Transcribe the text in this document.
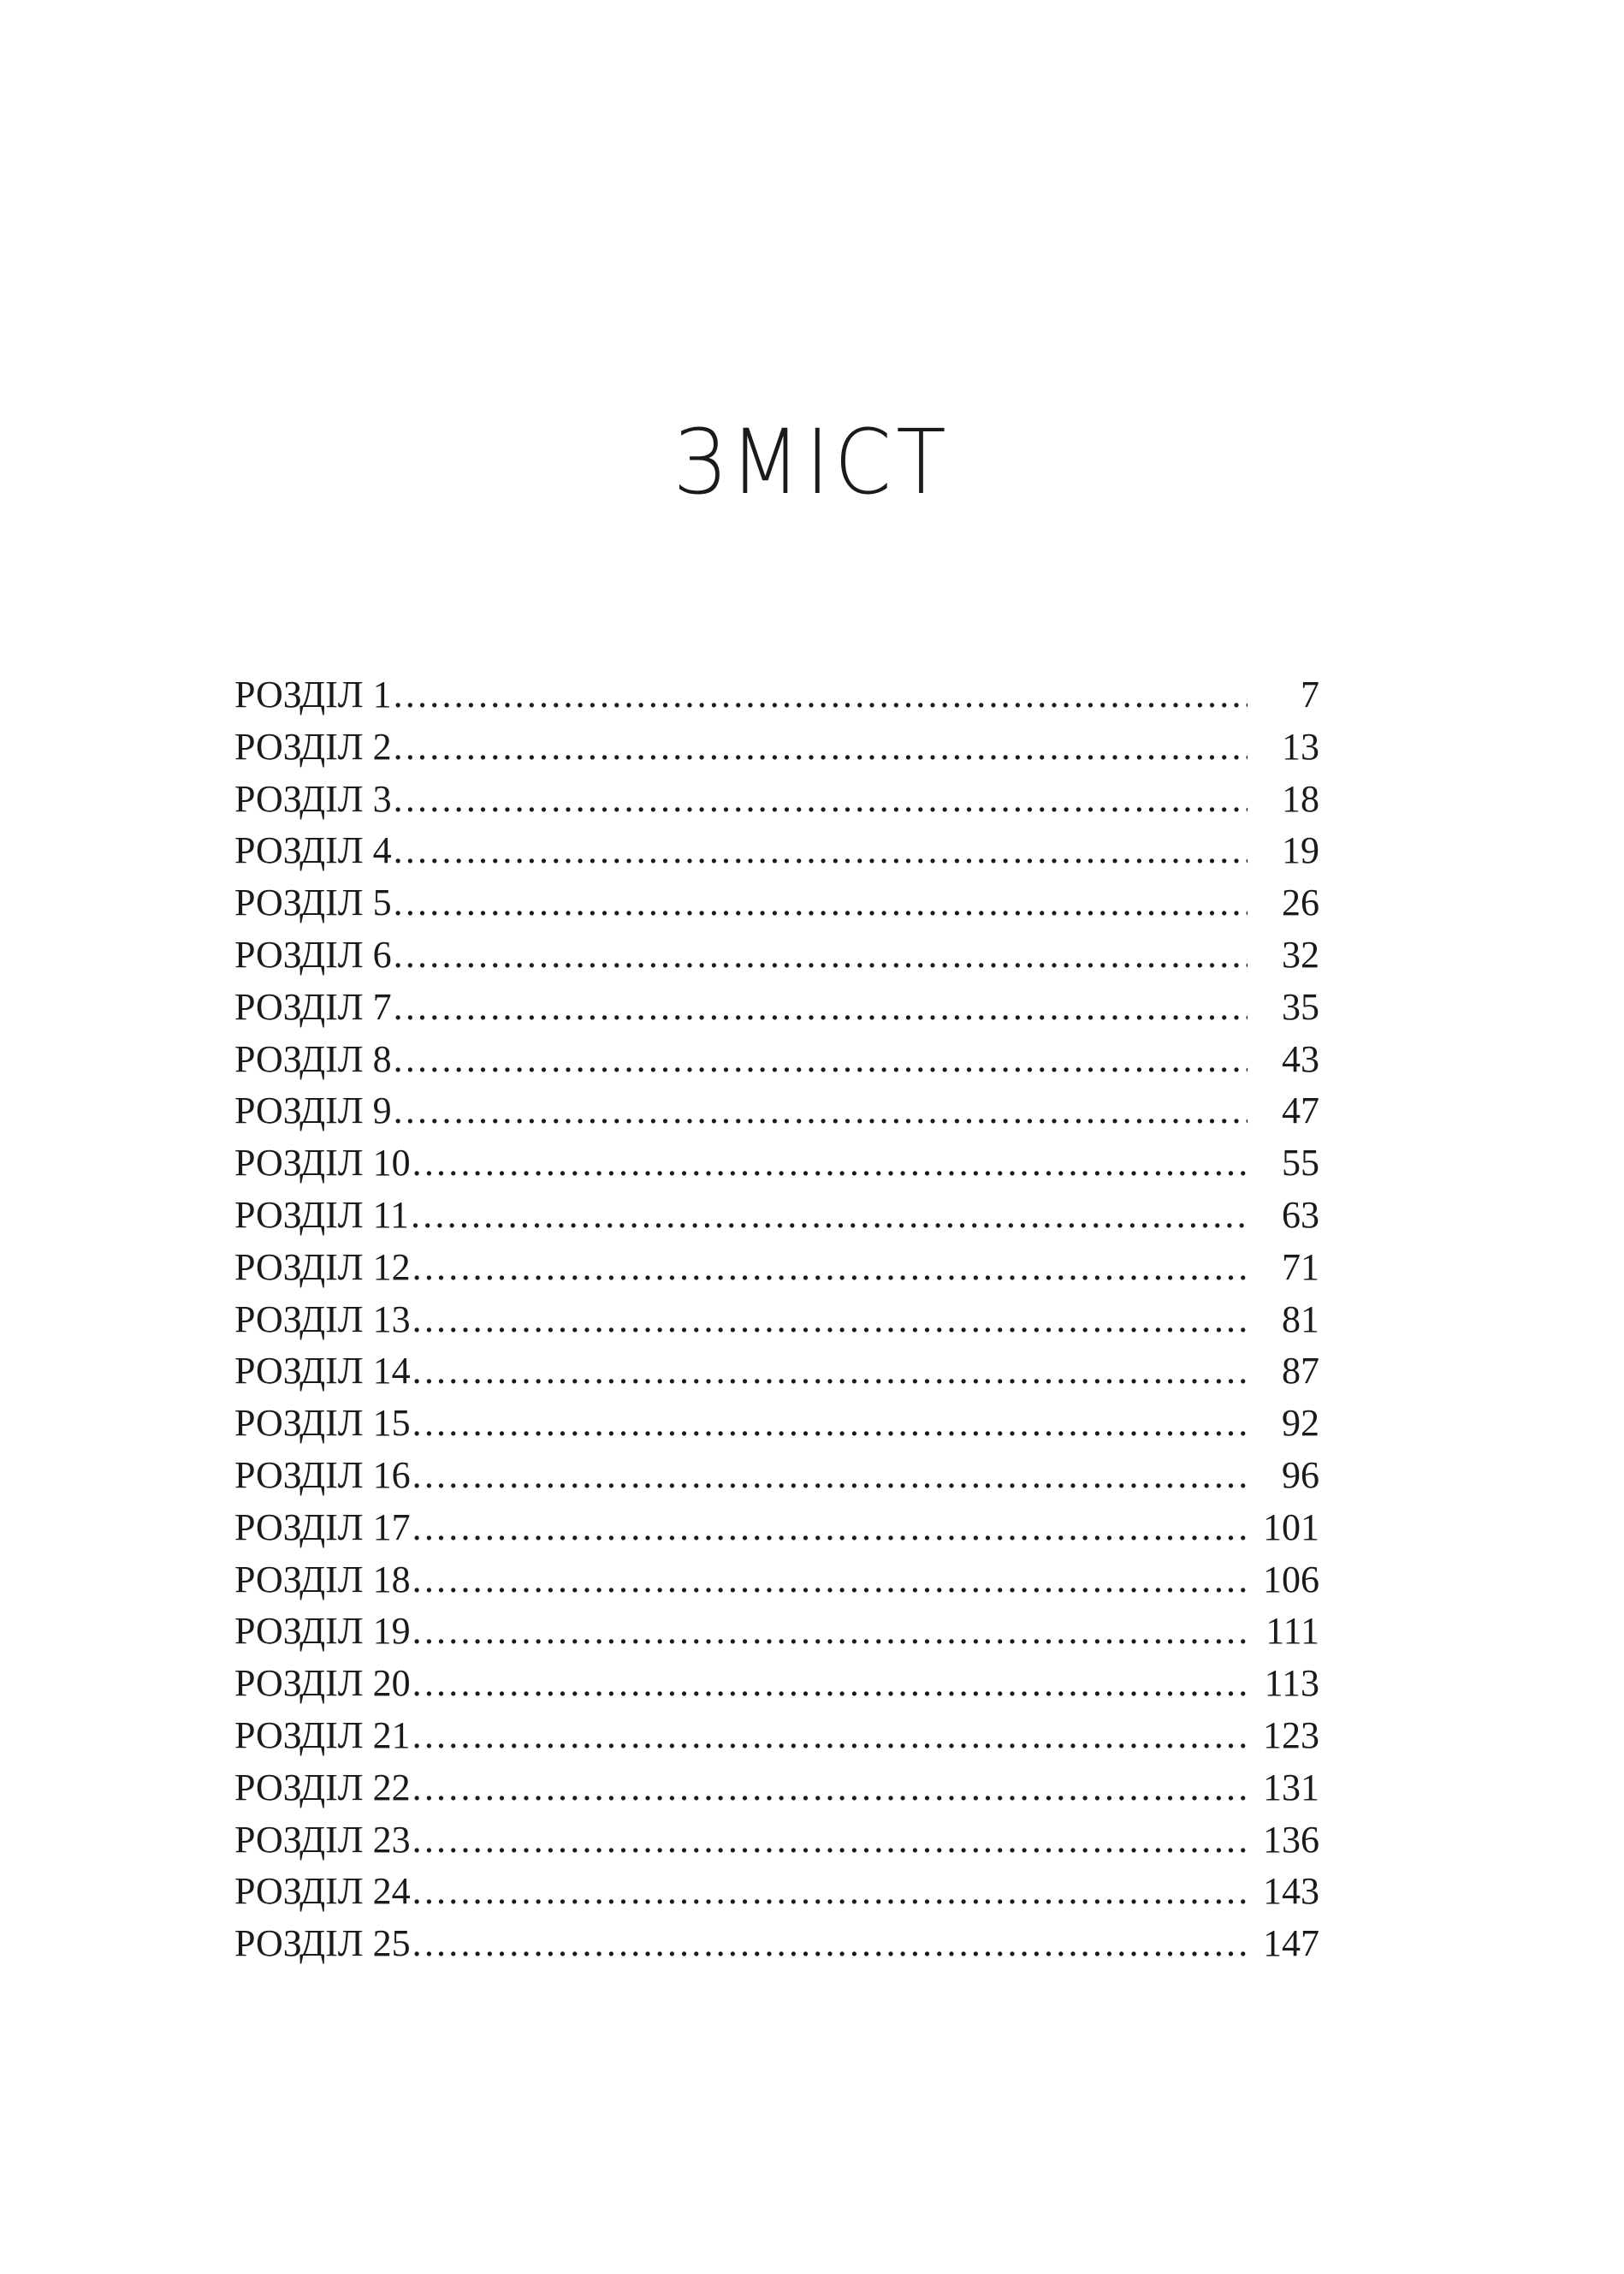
ЗМІСТ
РОЗДІЛ 1 .....	7
РОЗДІЛ 2 .....	13
РОЗДІЛ 3 .....	18
РОЗДІЛ 4 .....	19
РОЗДІЛ 5 .....	26
РОЗДІЛ 6 .....	32
РОЗДІЛ 7 .....	35
РОЗДІЛ 8 .....	43
РОЗДІЛ 9 .....	47
РОЗДІЛ 10 .....	55
РОЗДІЛ 11 .....	63
РОЗДІЛ 12 .....	71
РОЗДІЛ 13 .....	81
РОЗДІЛ 14 .....	87
РОЗДІЛ 15 .....	92
РОЗДІЛ 16 .....	96
РОЗДІЛ 17 .....	101
РОЗДІЛ 18 .....	106
РОЗДІЛ 19 .....	111
РОЗДІЛ 20 .....	113
РОЗДІЛ 21 .....	123
РОЗДІЛ 22 .....	131
РОЗДІЛ 23 .....	136
РОЗДІЛ 24 .....	143
РОЗДІЛ 25 .....	147
